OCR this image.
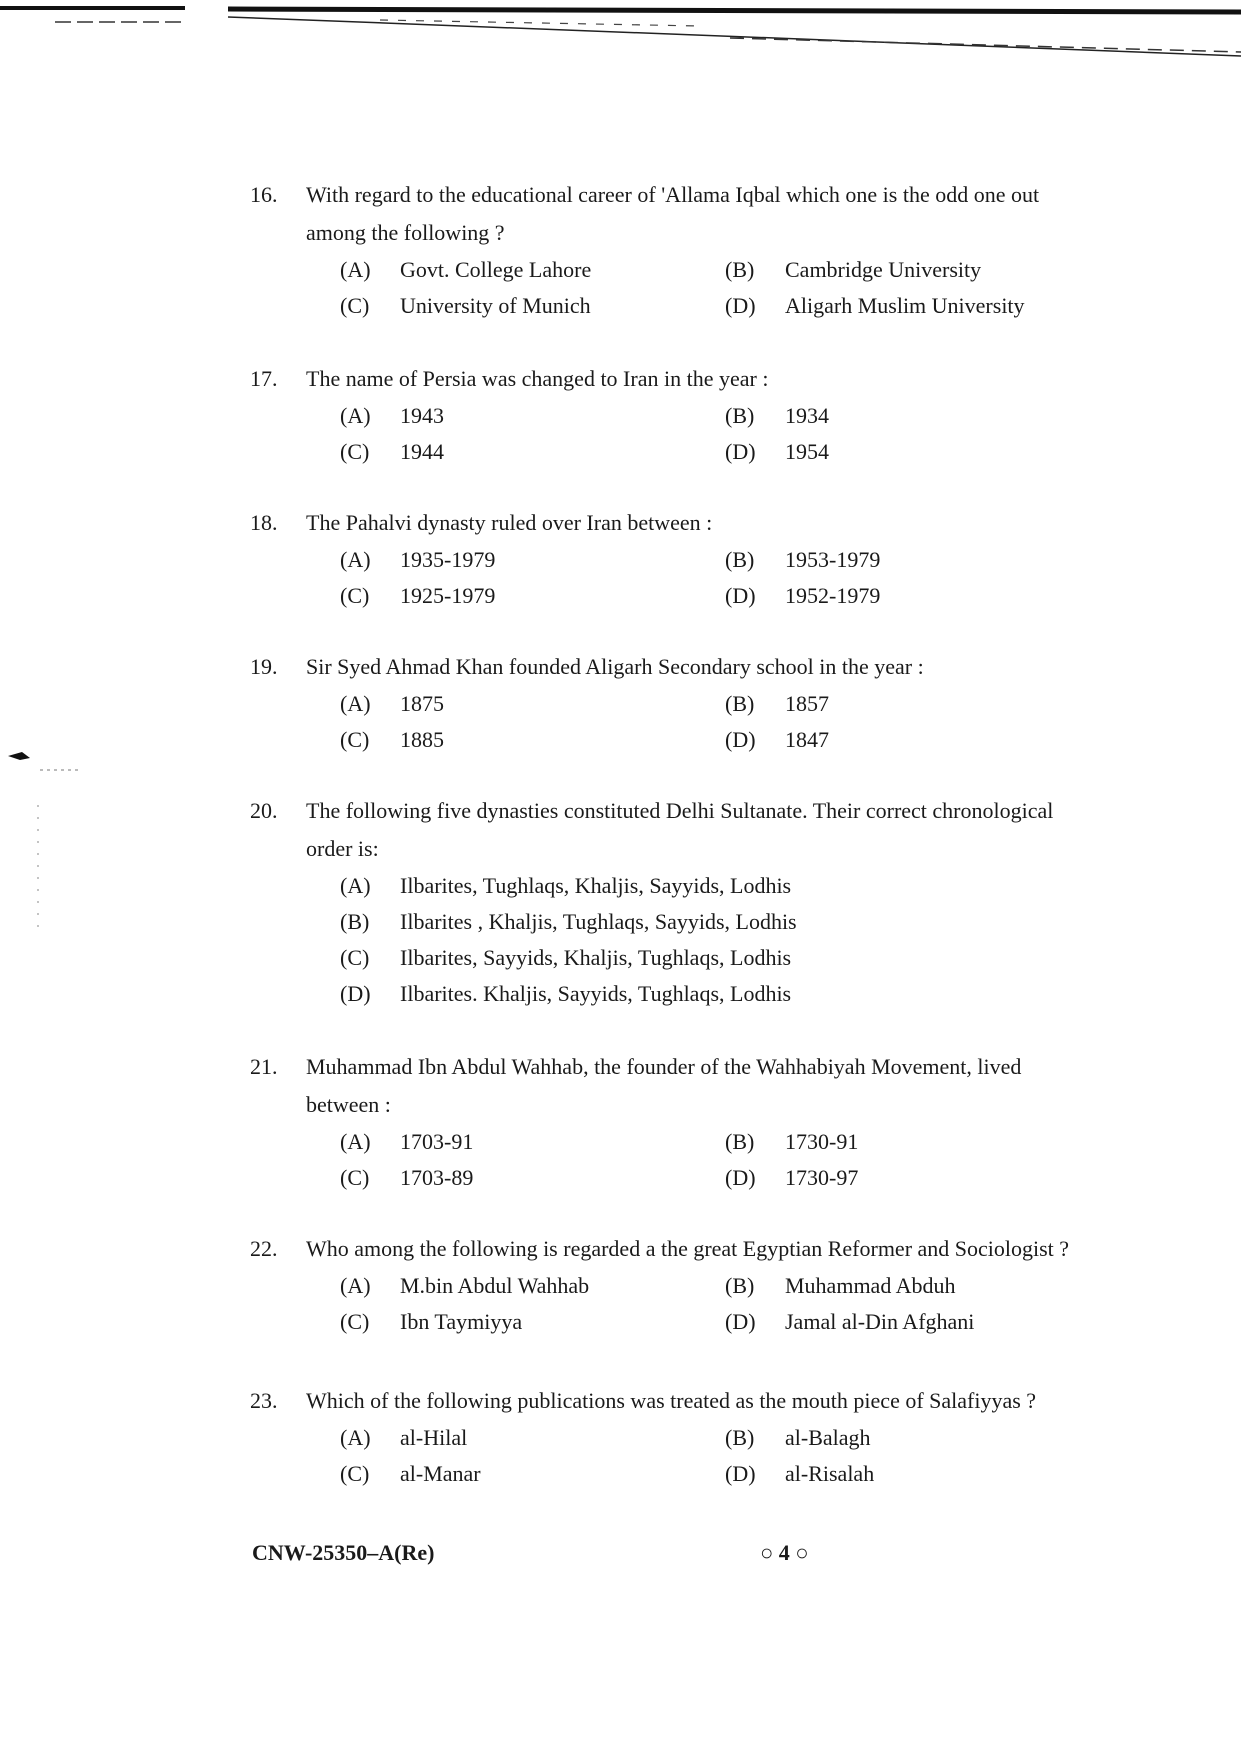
16.	With regard to the educational career of 'Allama Iqbal which one is the odd one out among the following ?
(A)	Govt. College Lahore	(B)	Cambridge University
(C)	University of Munich	(D)	Aligarh Muslim University
17.	The name of Persia was changed to Iran in the year :
(A)	1943	(B)	1934
(C)	1944	(D)	1954
18.	The Pahalvi dynasty ruled over Iran between :
(A)	1935-1979	(B)	1953-1979
(C)	1925-1979	(D)	1952-1979
19.	Sir Syed Ahmad Khan founded Aligarh Secondary school in the year :
(A)	1875	(B)	1857
(C)	1885	(D)	1847
20.	The following five dynasties constituted Delhi Sultanate. Their correct chronological order is:
(A)	Ilbarites, Tughlaqs, Khaljis, Sayyids, Lodhis
(B)	Ilbarites , Khaljis, Tughlaqs, Sayyids, Lodhis
(C)	Ilbarites, Sayyids, Khaljis, Tughlaqs, Lodhis
(D)	Ilbarites. Khaljis, Sayyids, Tughlaqs, Lodhis
21.	Muhammad Ibn Abdul Wahhab, the founder of the Wahhabiyah Movement, lived between :
(A)	1703-91	(B)	1730-91
(C)	1703-89	(D)	1730-97
22.	Who among the following is regarded a the great Egyptian Reformer and Sociologist ?
(A)	M.bin Abdul Wahhab	(B)	Muhammad Abduh
(C)	Ibn Taymiyya	(D)	Jamal al-Din Afghani
23.	Which of the following publications was treated as the mouth piece of Salafiyyas ?
(A)	al-Hilal	(B)	al-Balagh
(C)	al-Manar	(D)	al-Risalah
CNW-25350–A(Re)	○ 4 ○
